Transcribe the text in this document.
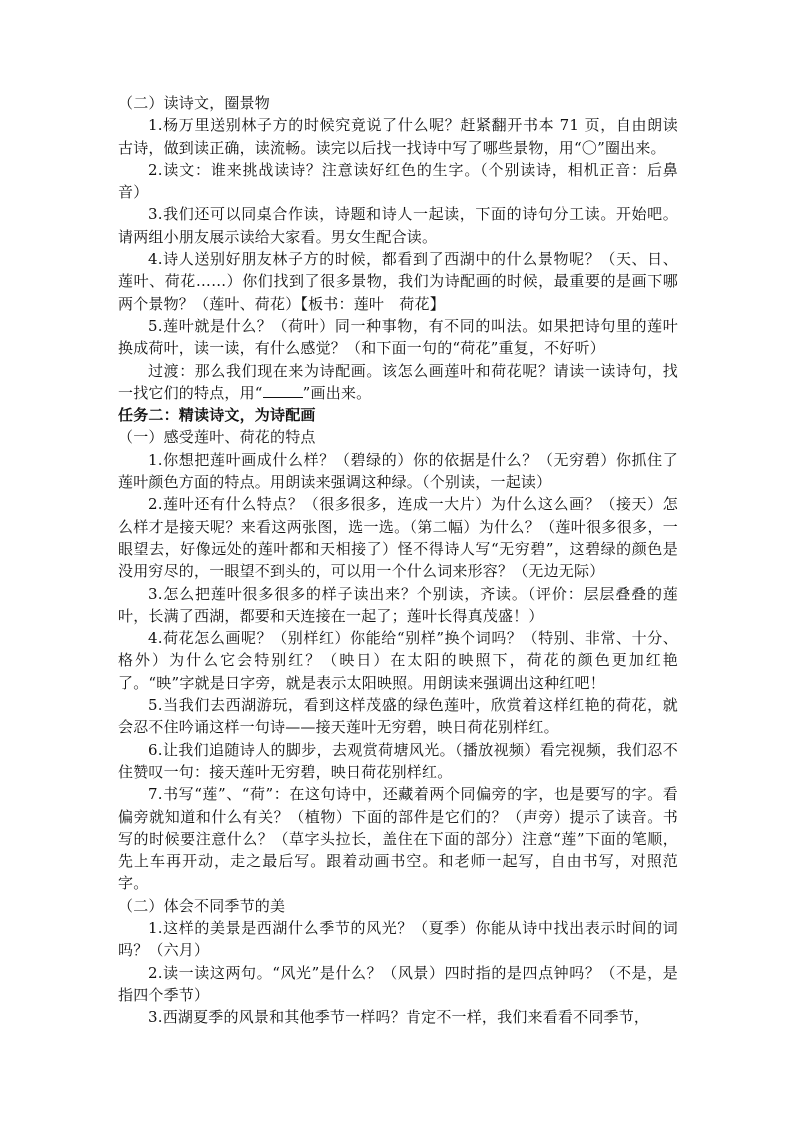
（二）读诗文，圈景物

1.杨万里送别林子方的时候究竟说了什么呢？赶紧翻开书本 71 页，自由朗读古诗，做到读正确，读流畅。读完以后找一找诗中写了哪些景物，用“〇”圈出来。

2.读文：谁来挑战读诗？注意读好红色的生字。（个别读诗，相机正音：后鼻音）

3.我们还可以同桌合作读，诗题和诗人一起读，下面的诗句分工读。开始吧。请两组小朋友展示读给大家看。男女生配合读。

4.诗人送别好朋友林子方的时候，都看到了西湖中的什么景物呢？（天、日、莲叶、荷花……）你们找到了很多景物，我们为诗配画的时候，最重要的是画下哪两个景物？（莲叶、荷花）【板书：莲叶　荷花】

5.莲叶就是什么？（荷叶）同一种事物，有不同的叫法。如果把诗句里的莲叶换成荷叶，读一读，有什么感觉？（和下面一句的“荷花”重复，不好听）

过渡：那么我们现在来为诗配画。该怎么画莲叶和荷花呢？请读一读诗句，找一找它们的特点，用“	”画出来。

任务二：精读诗文，为诗配画

（一）感受莲叶、荷花的特点

1.你想把莲叶画成什么样？（碧绿的）你的依据是什么？（无穷碧）你抓住了莲叶颜色方面的特点。用朗读来强调这种绿。（个别读，一起读）

2.莲叶还有什么特点？（很多很多，连成一大片）为什么这么画？（接天）怎么样才是接天呢？来看这两张图，选一选。（第二幅）为什么？（莲叶很多很多，一眼望去，好像远处的莲叶都和天相接了）怪不得诗人写“无穷碧”，这碧绿的颜色是没用穷尽的，一眼望不到头的，可以用一个什么词来形容？（无边无际）

3.怎么把莲叶很多很多的样子读出来？个别读，齐读。（评价：层层叠叠的莲叶，长满了西湖，都要和天连接在一起了；莲叶长得真茂盛！）

4.荷花怎么画呢？（别样红）你能给“别样”换个词吗？（特别、非常、十分、格外）为什么它会特别红？（映日）在太阳的映照下，荷花的颜色更加红艳了。“映”字就是日字旁，就是表示太阳映照。用朗读来强调出这种红吧！

5.当我们去西湖游玩，看到这样茂盛的绿色莲叶，欣赏着这样红艳的荷花，就会忍不住吟诵这样一句诗——接天莲叶无穷碧，映日荷花别样红。

6.让我们追随诗人的脚步，去观赏荷塘风光。（播放视频）看完视频，我们忍不住赞叹一句：接天莲叶无穷碧，映日荷花别样红。

7.书写“莲”、“荷”：在这句诗中，还藏着两个同偏旁的字，也是要写的字。看偏旁就知道和什么有关？（植物）下面的部件是它们的？（声旁）提示了读音。书写的时候要注意什么？（草字头拉长，盖住在下面的部分）注意“莲”下面的笔顺，先上车再开动，走之最后写。跟着动画书空。和老师一起写，自由书写，对照范字。

（二）体会不同季节的美

1.这样的美景是西湖什么季节的风光？（夏季）你能从诗中找出表示时间的词吗？（六月）

2.读一读这两句。“风光”是什么？（风景）四时指的是四点钟吗？（不是，是指四个季节）

3.西湖夏季的风景和其他季节一样吗？肯定不一样，我们来看看不同季节，
